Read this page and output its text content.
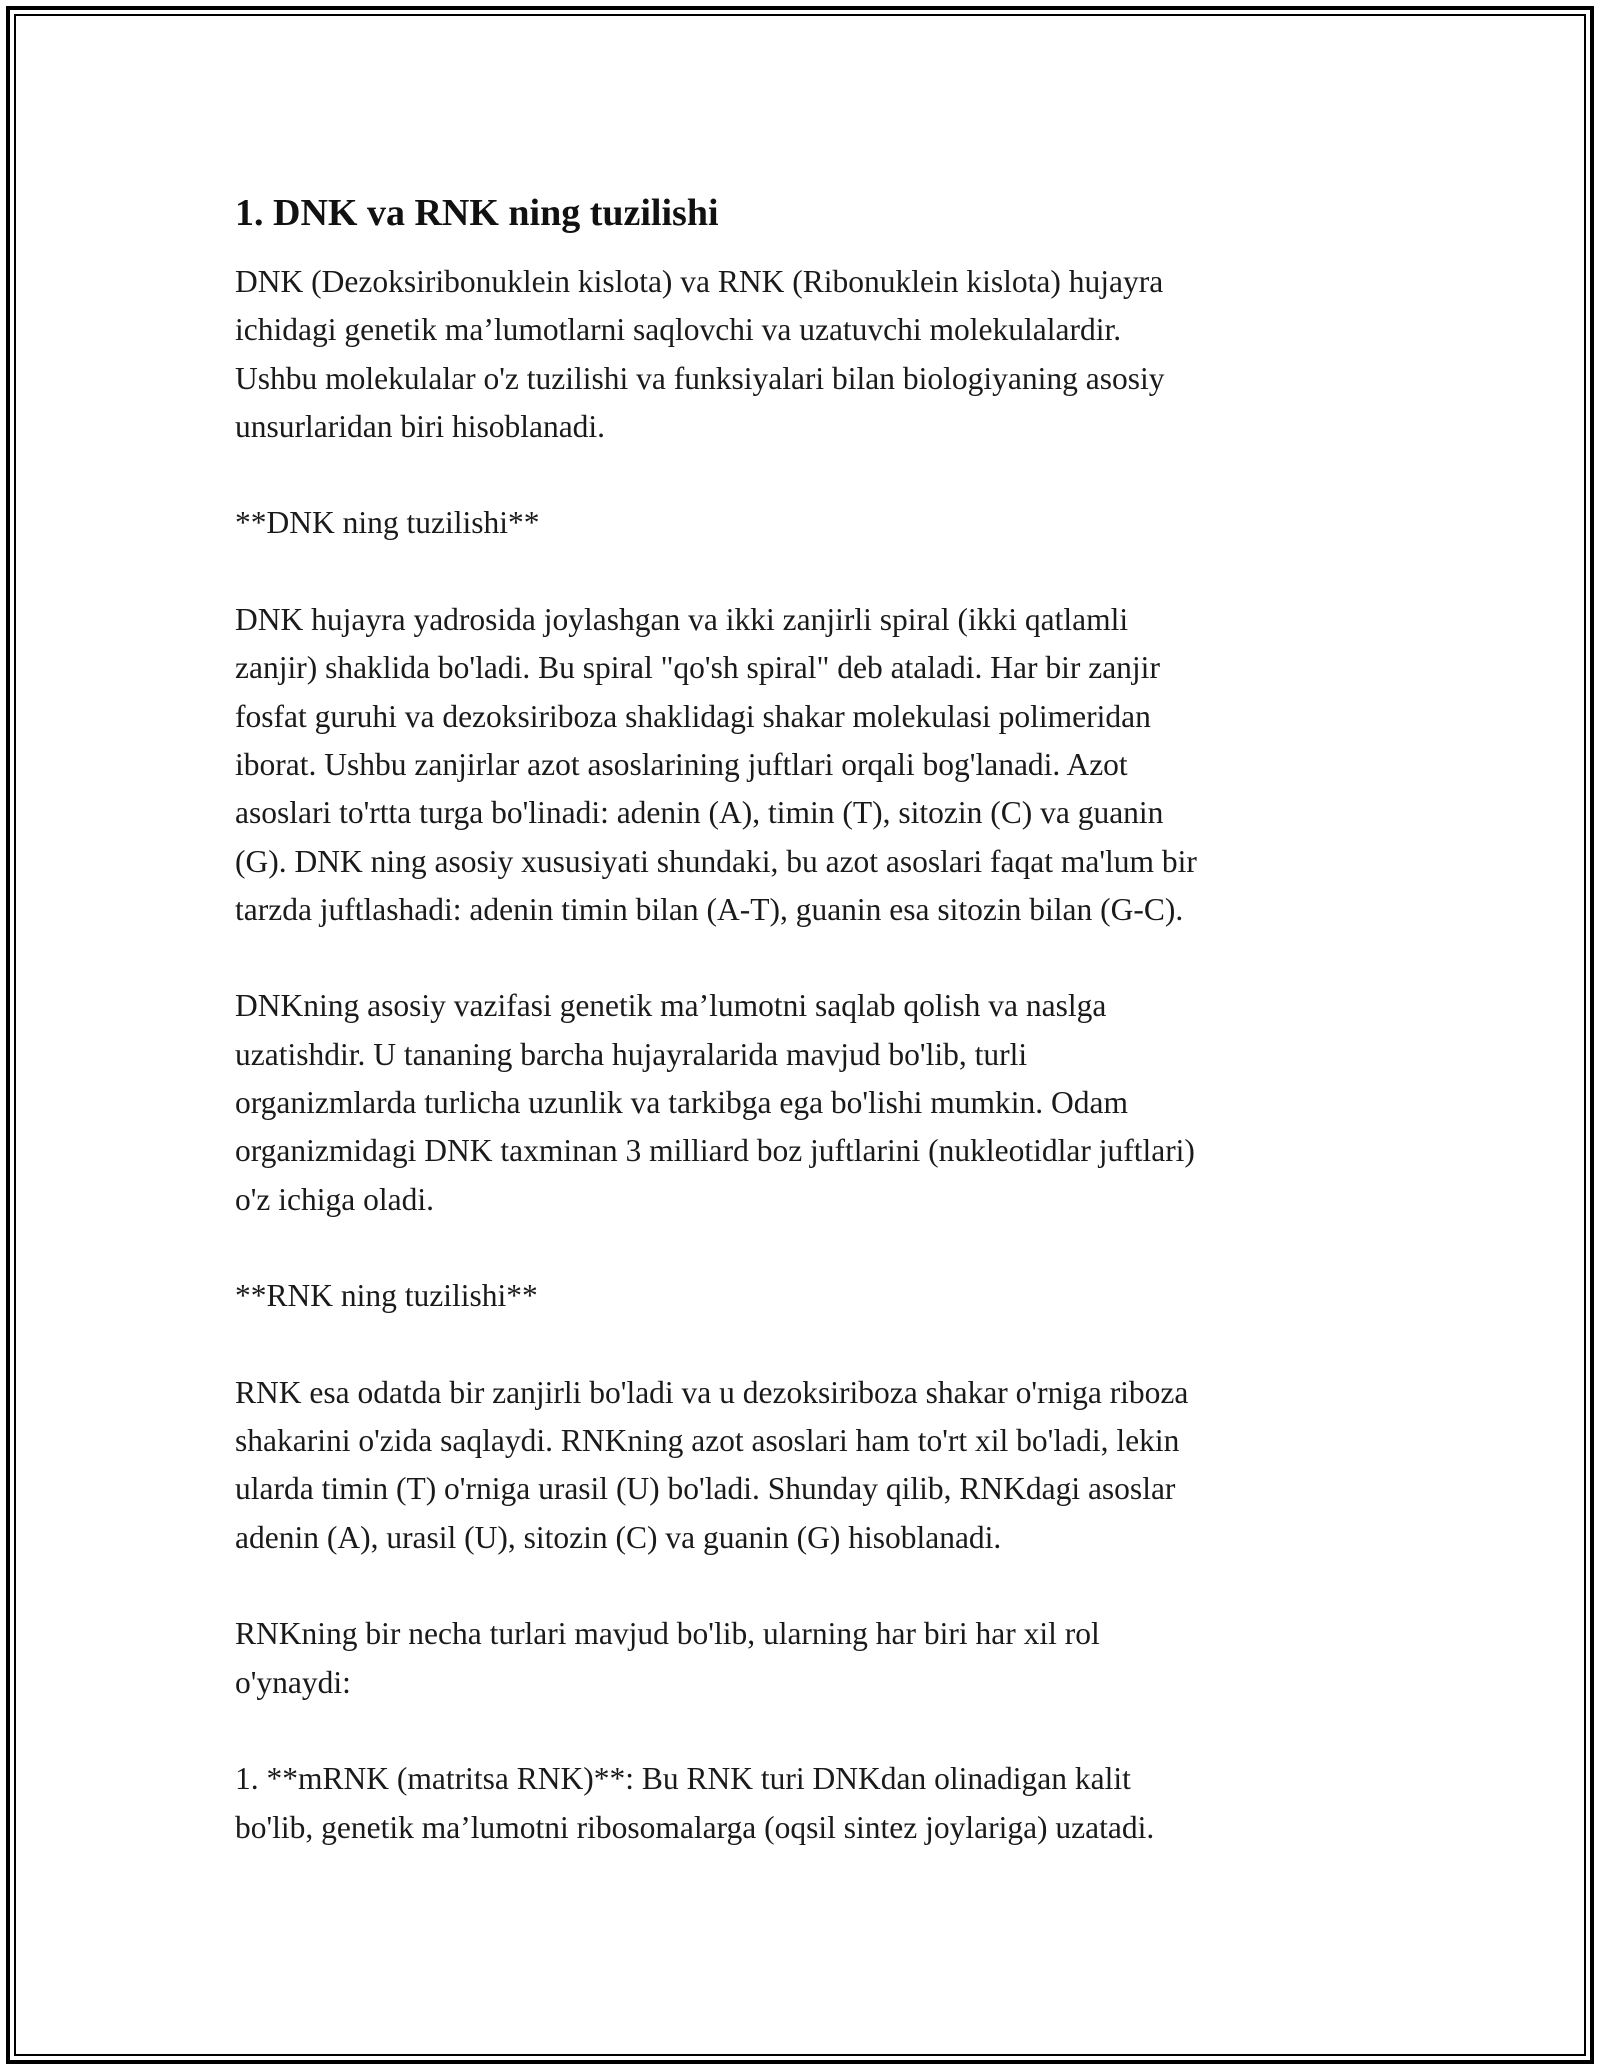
1. DNK va RNK ning tuzilishi

DNK (Dezoksiribonuklein kislota) va RNK (Ribonuklein kislota) hujayra
ichidagi genetik ma’lumotlarni saqlovchi va uzatuvchi molekulalardir.
Ushbu molekulalar o'z tuzilishi va funksiyalari bilan biologiyaning asosiy
unsurlaridan biri hisoblanadi.

**DNK ning tuzilishi**

DNK hujayra yadrosida joylashgan va ikki zanjirli spiral (ikki qatlamli
zanjir) shaklida bo'ladi. Bu spiral "qo'sh spiral" deb ataladi. Har bir zanjir
fosfat guruhi va dezoksiriboza shaklidagi shakar molekulasi polimeridan
iborat. Ushbu zanjirlar azot asoslarining juftlari orqali bog'lanadi. Azot
asoslari to'rtta turga bo'linadi: adenin (A), timin (T), sitozin (C) va guanin
(G). DNK ning asosiy xususiyati shundaki, bu azot asoslari faqat ma'lum bir
tarzda juftlashadi: adenin timin bilan (A-T), guanin esa sitozin bilan (G-C).

DNKning asosiy vazifasi genetik ma’lumotni saqlab qolish va naslga
uzatishdir. U tananing barcha hujayralarida mavjud bo'lib, turli
organizmlarda turlicha uzunlik va tarkibga ega bo'lishi mumkin. Odam
organizmidagi DNK taxminan 3 milliard boz juftlarini (nukleotidlar juftlari)
o'z ichiga oladi.

**RNK ning tuzilishi**

RNK esa odatda bir zanjirli bo'ladi va u dezoksiriboza shakar o'rniga riboza
shakarini o'zida saqlaydi. RNKning azot asoslari ham to'rt xil bo'ladi, lekin
ularda timin (T) o'rniga urasil (U) bo'ladi. Shunday qilib, RNKdagi asoslar
adenin (A), urasil (U), sitozin (C) va guanin (G) hisoblanadi.

RNKning bir necha turlari mavjud bo'lib, ularning har biri har xil rol
o'ynaydi:

1. **mRNK (matritsa RNK)**: Bu RNK turi DNKdan olinadigan kalit
bo'lib, genetik ma’lumotni ribosomalarga (oqsil sintez joylariga) uzatadi.
